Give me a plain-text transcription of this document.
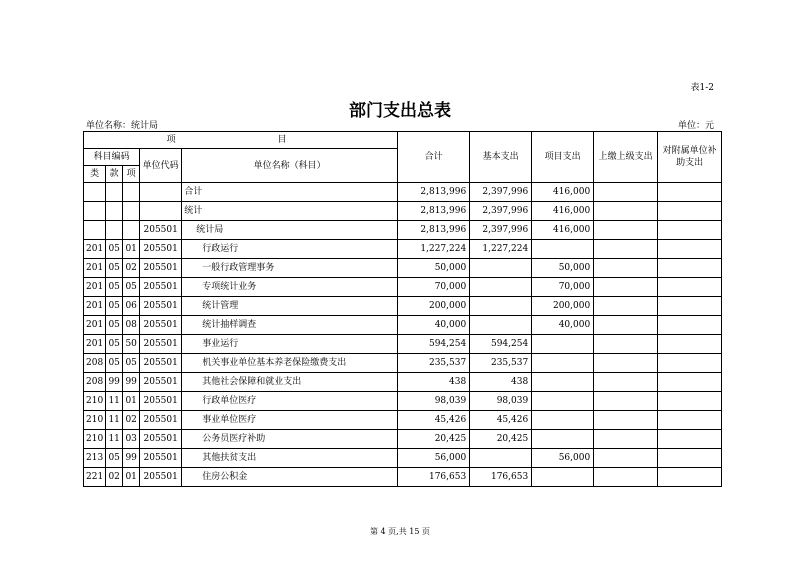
表1-2
部门支出总表
单位名称：统计局	单位：元
项　　目					合计	基本支出	项目支出	上缴上级支出	对附属单位补助支出
科目编码			单位代码	单位名称（科目）					
类	款	项							
				合计	2,813,996	2,397,996	416,000		
				统计	2,813,996	2,397,996	416,000		
			205501	统计局	2,813,996	2,397,996	416,000		
201	05	01	205501	行政运行	1,227,224	1,227,224			
201	05	02	205501	一般行政管理事务	50,000		50,000		
201	05	05	205501	专项统计业务	70,000		70,000		
201	05	06	205501	统计管理	200,000		200,000		
201	05	08	205501	统计抽样调查	40,000		40,000		
201	05	50	205501	事业运行	594,254	594,254			
208	05	05	205501	机关事业单位基本养老保险缴费支出	235,537	235,537			
208	99	99	205501	其他社会保障和就业支出	438	438			
210	11	01	205501	行政单位医疗	98,039	98,039			
210	11	02	205501	事业单位医疗	45,426	45,426			
210	11	03	205501	公务员医疗补助	20,425	20,425			
213	05	99	205501	其他扶贫支出	56,000		56,000		
221	02	01	205501	住房公积金	176,653	176,653			
第 4 页,共 15 页
